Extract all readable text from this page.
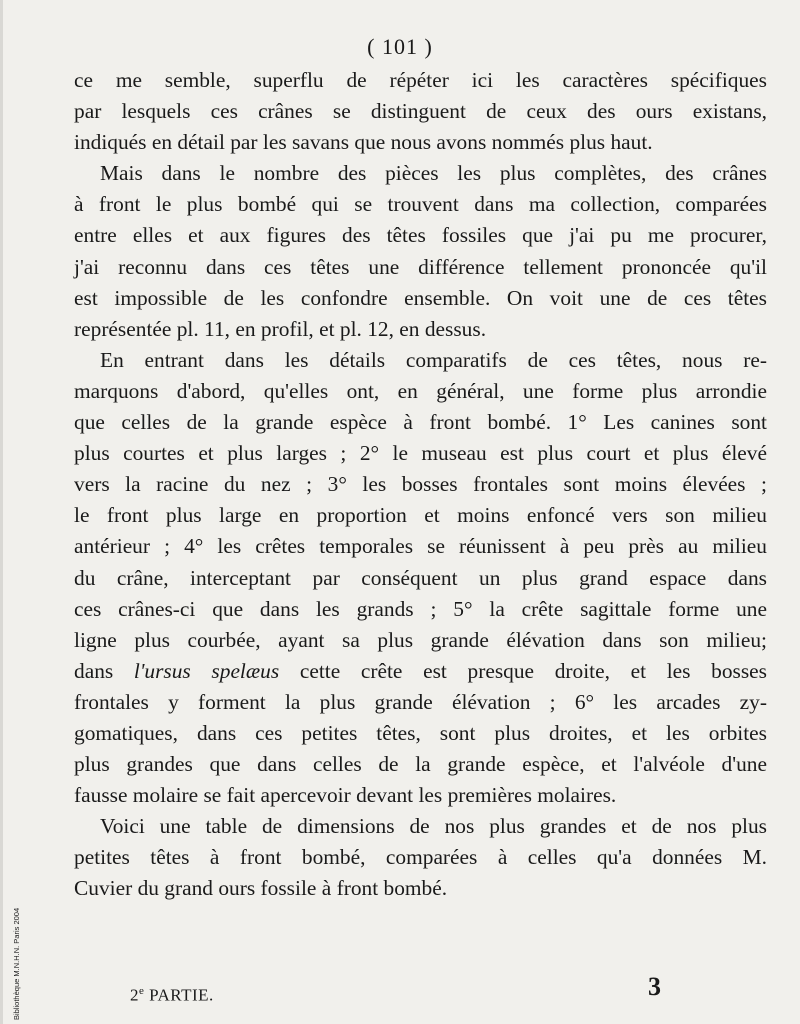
( 101 )
ce me semble, superflu de répéter ici les caractères spécifiques
par lesquels ces crânes se distinguent de ceux des ours existans,
indiqués en détail par les savans que nous avons nommés plus haut.
Mais dans le nombre des pièces les plus complètes, des crânes
à front le plus bombé qui se trouvent dans ma collection, comparées
entre elles et aux figures des têtes fossiles que j'ai pu me procurer,
j'ai reconnu dans ces têtes une différence tellement prononcée qu'il
est impossible de les confondre ensemble. On voit une de ces têtes
représentée pl. 11, en profil, et pl. 12, en dessus.
En entrant dans les détails comparatifs de ces têtes, nous re-
marquons d'abord, qu'elles ont, en général, une forme plus arrondie
que celles de la grande espèce à front bombé. 1° Les canines sont
plus courtes et plus larges ; 2° le museau est plus court et plus élevé
vers la racine du nez ; 3° les bosses frontales sont moins élevées ;
le front plus large en proportion et moins enfoncé vers son milieu
antérieur ; 4° les crêtes temporales se réunissent à peu près au milieu
du crâne, interceptant par conséquent un plus grand espace dans
ces crânes-ci que dans les grands ; 5° la crête sagittale forme une
ligne plus courbée, ayant sa plus grande élévation dans son milieu;
dans l'ursus spelæus cette crête est presque droite, et les bosses
frontales y forment la plus grande élévation ; 6° les arcades zy-
gomatiques, dans ces petites têtes, sont plus droites, et les orbites
plus grandes que dans celles de la grande espèce, et l'alvéole d'une
fausse molaire se fait apercevoir devant les premières molaires.
Voici une table de dimensions de nos plus grandes et de nos plus
petites têtes à front bombé, comparées à celles qu'a données M.
Cuvier du grand ours fossile à front bombé.
2e PARTIE.	3
Bibliothèque M.N.H.N. Paris 2004
